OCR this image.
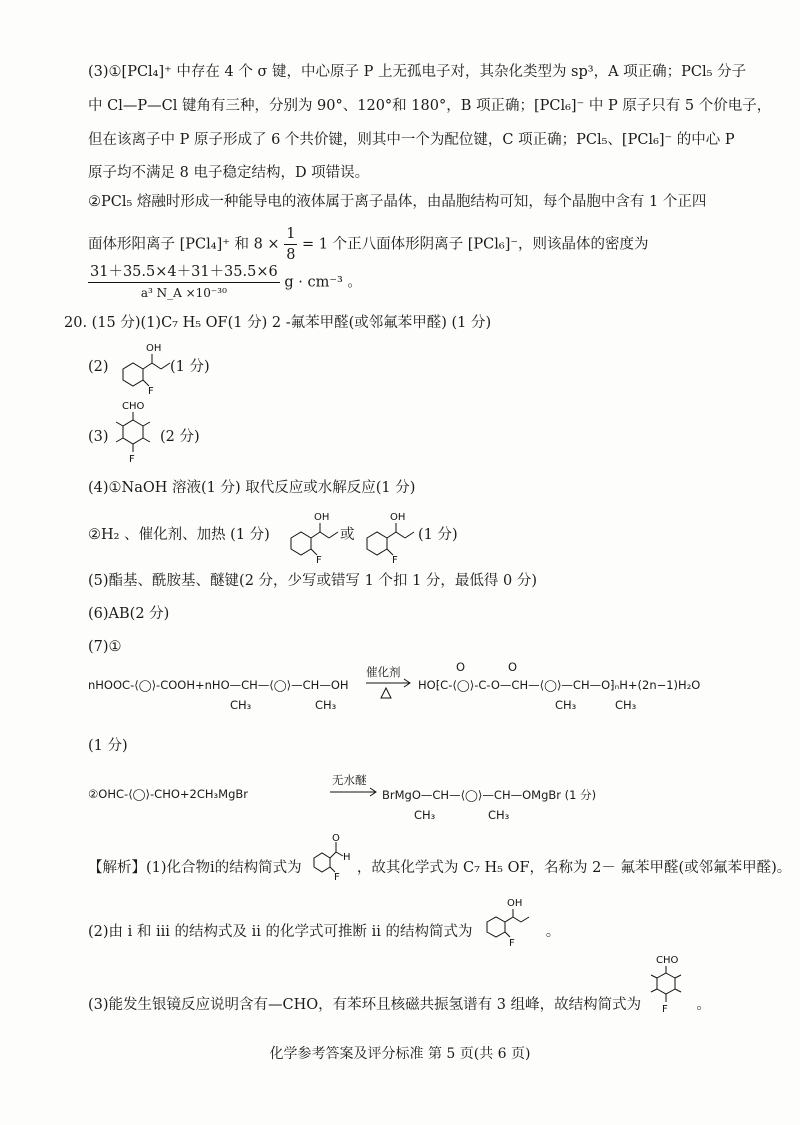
(3)①[PCl₄]⁺ 中存在 4 个 σ 键，中心原子 P 上无孤电子对，其杂化类型为 sp³，A 项正确；PCl₅ 分子
中 Cl—P—Cl 键角有三种，分别为 90°、120°和 180°，B 项正确；[PCl₆]⁻ 中 P 原子只有 5 个价电子，
但在该离子中 P 原子形成了 6 个共价键，则其中一个为配位键，C 项正确；PCl₅、[PCl₆]⁻ 的中心 P
原子均不满足 8 电子稳定结构，D 项错误。
②PCl₅ 熔融时形成一种能导电的液体属于离子晶体，由晶胞结构可知，每个晶胞中含有 1 个正四
面体形阳离子 [PCl₄]⁺ 和 $8 \times \frac{1}{8} = 1$ 个正八面体形阴离子 [PCl₆]⁻，则该晶体的密度为
$\frac{31+35.5\times 4+31+35.5\times 6}{\text{a³ N\_A ×10⁻³⁰}}$ g · cm⁻³ 。
20. (15 分)(1)C₇ H₅ OF(1 分) 2 -氟苯甲醛(或邻氟苯甲醛) (1 分)
(2)
OH
F
(1 分)
(3)
CHO
F
(2 分)
(4)①NaOH 溶液(1 分) 取代反应或水解反应(1 分)
②H₂ 、催化剂、加热 (1 分)
OH
F
或
OH
F
(1 分)
(5)酯基、酰胺基、醚键(2 分，少写或错写 1 个扣 1 分，最低得 0 分)
(6)AB(2 分)
(7)①
nHOOC-⟨◯⟩-COOH+nHO—CH—⟨◯⟩—CH—OH
CH₃	CH₃
催化剂
HO⁅C-⟨◯⟩-C-O—CH—⟨◯⟩—CH—O⁆ₙH+(2n−1)H₂O
O	O
CH₃	CH₃
(1 分)
②OHC-⟨◯⟩-CHO+2CH₃MgBr
无水醚
→ BrMgO—CH—⟨◯⟩—CH—OMgBr (1 分)
CH₃	CH₃
【解析】(1)化合物i的结构简式为
O
H
F
，故其化学式为 C₇ H₅ OF，名称为 2－ 氟苯甲醛(或邻氟苯甲醛)。
(2)由 i 和 iii 的结构式及 ii 的化学式可推断 ii 的结构简式为
OH
F
。
(3)能发生银镜反应说明含有—CHO，有苯环且核磁共振氢谱有 3 组峰，故结构简式为
CHO
F 。
化学参考答案及评分标准 第 5 页(共 6 页)
